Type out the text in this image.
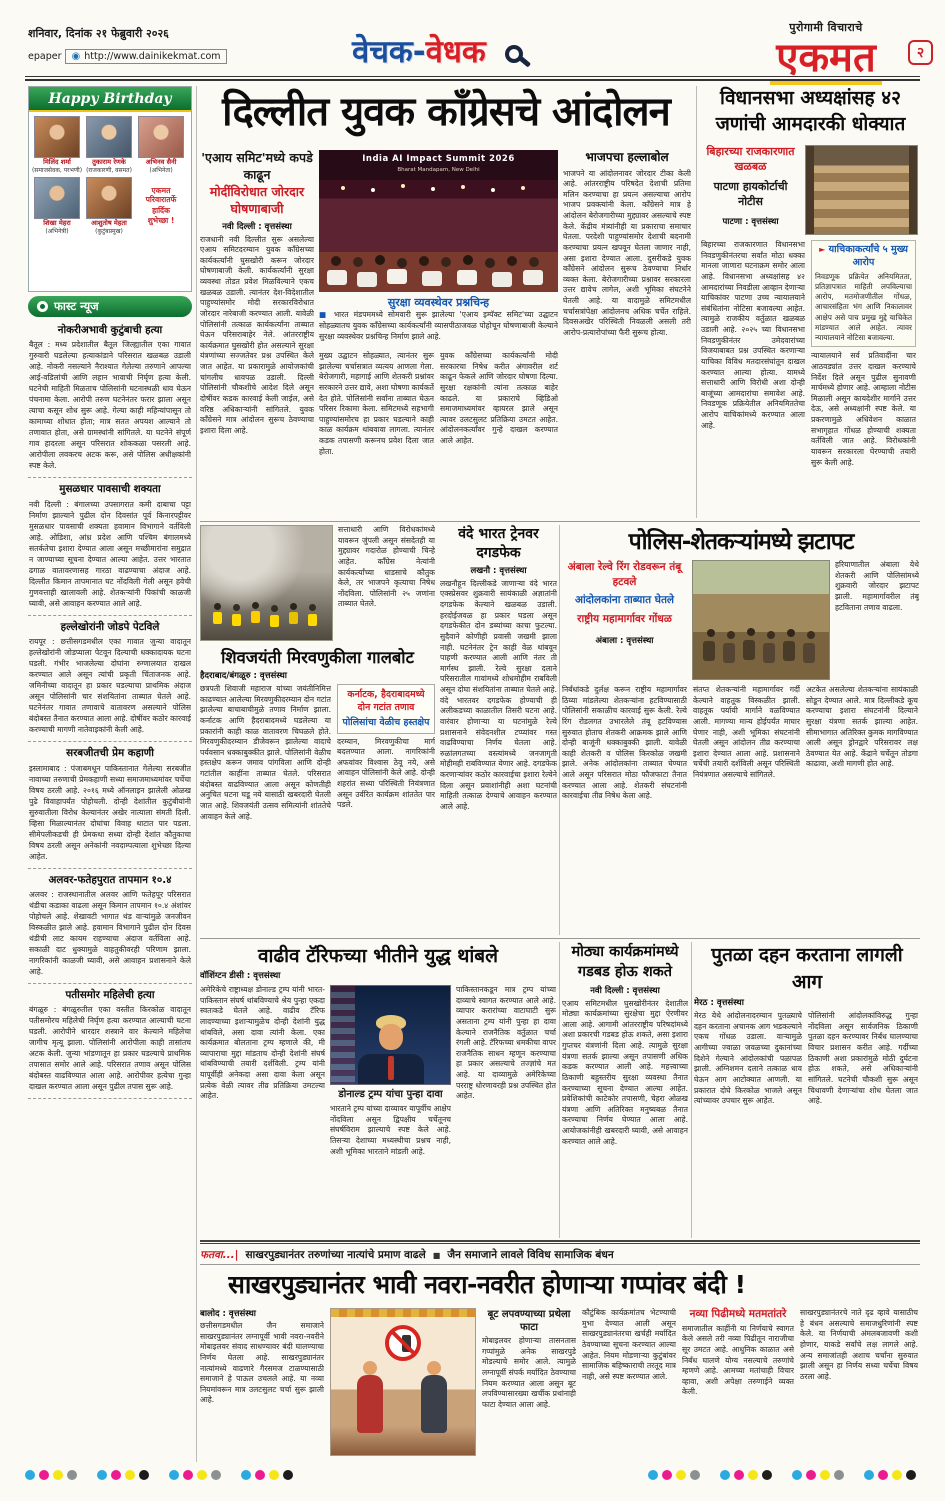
शनिवार, दिनांक २१ फेब्रुवारी २०२६
epaper ◉ http://www.dainikekmat.com	वेचक-वेधक
पुरोगामी विचाराचे
एकमत	२
Happy Birthday
मिलिंद शर्मा
(समाजसेवक, परभणी)
तुकाराम रेणके
(राजकारणी, वसमत)
अभिनव सैनी
(अभिनेता)
शिखा मेहरा
(अभिनेत्री)
आशुतोष मेहता
(कुटुंबप्रमुख)
एकमत परिवारातर्फे
हार्दिक
शुभेच्छा !
फास्ट न्यूज
नोकरीअभावी कुटुंबाची हत्या

बैतूल : मध्य प्रदेशातील बैतूल जिल्ह्यातील एका गावात गुरुवारी घडलेल्या हत्याकांडाने परिसरात खळबळ उडाली आहे. नोकरी नसल्याने नैराश्यात गेलेल्या तरुणाने आपल्या आई-वडिलांची आणि लहान भावाची निर्घृण हत्या केली. घटनेची माहिती मिळताच पोलिसांनी घटनास्थळी धाव घेऊन पंचनामा केला. आरोपी तरुण घटनेनंतर फरार झाला असून त्याचा कसून शोध सुरू आहे. गेल्या काही महिन्यांपासून तो कामाच्या शोधात होता; मात्र सतत अपयश आल्याने तो तणावात होता, असे ग्रामस्थांनी सांगितले. या घटनेने संपूर्ण गाव हादरला असून परिसरात शोककळा पसरली आहे. आरोपीला लवकरच अटक करू, असे पोलिस अधीक्षकांनी स्पष्ट केले.

मुसळधार पावसाची शक्यता

नवी दिल्ली : बंगालच्या उपसागरात कमी दाबाचा पट्टा निर्माण झाल्याने पुढील दोन दिवसांत पूर्व किनारपट्टीवर मुसळधार पावसाची शक्यता हवामान विभागाने वर्तविली आहे. ओडिशा, आंध्र प्रदेश आणि पश्चिम बंगालमध्ये सतर्कतेचा इशारा देण्यात आला असून मच्छीमारांना समुद्रात न जाण्याच्या सूचना देण्यात आल्या आहेत. उत्तर भारतात ढगाळ वातावरणासह गारठा वाढण्याचा अंदाज आहे. दिल्लीत किमान तापमानात घट नोंदविली गेली असून हवेची गुणवत्ताही खालावली आहे. शेतकऱ्यांनी पिकांची काळजी घ्यावी, असे आवाहन करण्यात आले आहे.

हल्लेखोरांनी जोडपे पेटविले

रायपूर : छत्तीसगडमधील एका गावात जुन्या वादातून हल्लेखोरांनी जोडप्याला पेटवून दिल्याची धक्कादायक घटना घडली. गंभीर भाजलेल्या दोघांना रुग्णालयात दाखल करण्यात आले असून त्यांची प्रकृती चिंताजनक आहे. जमिनीच्या वादातून हा प्रकार घडल्याचा प्राथमिक अंदाज असून पोलिसांनी चार संशयितांना ताब्यात घेतले आहे. घटनेनंतर गावात तणावाचे वातावरण असल्याने पोलिस बंदोबस्त तैनात करण्यात आला आहे. दोषींवर कठोर कारवाई करण्याची मागणी नातेवाइकांनी केली आहे.

सरबजीतची प्रेम कहाणी

इस्लामाबाद : पंजाबमधून पाकिस्तानात गेलेल्या सरबजीत नावाच्या तरुणाची प्रेमकहाणी सध्या समाजमाध्यमांवर चर्चेचा विषय ठरली आहे. २०१६ मध्ये ऑनलाइन झालेली ओळख पुढे विवाहापर्यंत पोहोचली. दोन्ही देशांतील कुटुंबीयांनी सुरुवातीला विरोध केल्यानंतर अखेर नात्याला संमती दिली. व्हिसा मिळाल्यानंतर दोघांचा विवाह थाटात पार पडला. सीमेपलीकडची ही प्रेमकथा सध्या दोन्ही देशांत कौतुकाचा विषय ठरली असून अनेकांनी नवदाम्पत्याला शुभेच्छा दिल्या आहेत.

अलवर-फतेहपुरात तापमान १०.४

अलवर : राजस्थानातील अलवर आणि फतेहपूर परिसरात थंडीचा कडाका वाढला असून किमान तापमान १०.४ अंशांवर पोहोचले आहे. शेखावटी भागात थंड वाऱ्यांमुळे जनजीवन विस्कळीत झाले आहे. हवामान विभागाने पुढील दोन दिवस थंडीची लाट कायम राहण्याचा अंदाज वर्तविला आहे. सकाळी दाट धुक्यामुळे वाहतुकीवरही परिणाम झाला. नागरिकांनी काळजी घ्यावी, असे आवाहन प्रशासनाने केले आहे.

पतीसमोर महिलेची हत्या

बंगळूरु : बंगळूरुतील एका वस्तीत किरकोळ वादातून पतीसमोरच महिलेची निर्घृण हत्या करण्यात आल्याची घटना घडली. आरोपीने धारदार शस्त्राने वार केल्याने महिलेचा जागीच मृत्यू झाला. पोलिसांनी आरोपीला काही तासांतच अटक केली. जुन्या भांडणातून हा प्रकार घडल्याचे प्राथमिक तपासात समोर आले आहे. परिसरात तणाव असून पोलिस बंदोबस्त वाढविण्यात आला आहे. आरोपीवर हत्येचा गुन्हा दाखल करण्यात आला असून पुढील तपास सुरू आहे.

दिल्लीत युवक काँग्रेसचे आंदोलन
'एआय समिट'मध्ये कपडे काढून
मोदींविरोधात जोरदार घोषणाबाजी
नवी दिल्ली : वृत्तसंस्था

राजधानी नवी दिल्लीत सुरू असलेल्या एआय समिटदरम्यान युवक काँग्रेसच्या कार्यकर्त्यांनी घुसखोरी करून जोरदार घोषणाबाजी केली. कार्यकर्त्यांनी सुरक्षा व्यवस्था तोडत प्रवेश मिळविल्याने एकच खळबळ उडाली. त्यानंतर देश-विदेशातील पाहुण्यांसमोर मोदी सरकारविरोधात जोरदार नारेबाजी करण्यात आली. यावेळी पोलिसांनी तत्काळ कार्यकर्त्यांना ताब्यात घेऊन परिसराबाहेर नेले. आंतरराष्ट्रीय कार्यक्रमात घुसखोरी होत असल्याने सुरक्षा यंत्रणांच्या सज्जतेवर प्रश्न उपस्थित केले जात आहेत. या प्रकारामुळे आयोजकांची चांगलीच धावपळ उडाली. दिल्ली पोलिसांनी चौकशीचे आदेश दिले असून दोषींवर कडक कारवाई केली जाईल, असे वरिष्ठ अधिकाऱ्यांनी सांगितले. युवक काँग्रेसने मात्र आंदोलन सुरूच ठेवण्याचा इशारा दिला आहे.

India AI Impact Summit 2026
Bharat Mandapam, New Delhi
सुरक्षा व्यवस्थेवर प्रश्नचिन्ह

■ भारत मंडपममध्ये सोमवारी सुरू झालेल्या 'एआय इम्पॅक्ट समिट'च्या उद्घाटन सोहळ्यातच युवक काँग्रेसच्या कार्यकर्त्यांनी व्यासपीठाजवळ पोहोचून घोषणाबाजी केल्याने सुरक्षा व्यवस्थेवर प्रश्नचिन्ह निर्माण झाले आहे.

मुख्य उद्घाटन सोहळ्यात, त्यानंतर सुरू झालेल्या चर्चासत्रात व्यत्यय आणला गेला. बेरोजगारी, महागाई आणि शेतकरी प्रश्नांवर सरकारने उत्तर द्यावे, अशा घोषणा कार्यकर्ते देत होते. पोलिसांनी सर्वांना ताब्यात घेऊन परिसर रिकामा केला. समिटमध्ये सहभागी पाहुण्यांसमोरच हा प्रकार घडल्याने काही काळ कार्यक्रम थांबवावा लागला. त्यानंतर कडक तपासणी करूनच प्रवेश दिला जात होता.

युवक काँग्रेसच्या कार्यकर्त्यांनी मोदी सरकारचा निषेध करीत अंगावरील शर्ट काढून फेकले आणि जोरदार घोषणा दिल्या. सुरक्षा रक्षकांनी त्यांना तत्काळ बाहेर काढले. या प्रकाराचे व्हिडिओ समाजमाध्यमांवर व्हायरल झाले असून त्यावर उलटसुलट प्रतिक्रिया उमटत आहेत. आंदोलनकर्त्यांवर गुन्हे दाखल करण्यात आले आहेत.

भाजपचा हल्लाबोल

भाजपने या आंदोलनावर जोरदार टीका केली आहे. आंतरराष्ट्रीय परिषदेत देशाची प्रतिमा मलिन करण्याचा हा प्रयत्न असल्याचा आरोप भाजप प्रवक्त्यांनी केला. काँग्रेसने मात्र हे आंदोलन बेरोजगारीच्या मुद्द्यावर असल्याचे स्पष्ट केले. केंद्रीय मंत्र्यांनीही या प्रकाराचा समाचार घेतला. परदेशी पाहुण्यांसमोर देशाची बदनामी करण्याचा प्रयत्न खपवून घेतला जाणार नाही, असा इशारा देण्यात आला. दुसरीकडे युवक काँग्रेसने आंदोलन सुरूच ठेवण्याचा निर्धार व्यक्त केला. बेरोजगारीच्या प्रश्नावर सरकारला उत्तर द्यावेच लागेल, अशी भूमिका संघटनेने घेतली आहे. या वादामुळे समिटमधील चर्चासत्रांपेक्षा आंदोलनच अधिक चर्चेत राहिले. दिवसअखेर परिस्थिती निवळली असली तरी आरोप-प्रत्यारोपांच्या फैरी सुरूच होत्या.

सत्ताधारी आणि विरोधकांमध्ये यावरून जुंपली असून संसदेतही या मुद्द्यावर गदारोळ होण्याची चिन्हे आहेत. काँग्रेस नेत्यांनी कार्यकर्त्यांच्या धाडसाचे कौतुक केले, तर भाजपने कृत्याचा निषेध नोंदविला. पोलिसांनी २५ जणांना ताब्यात घेतले.

विधानसभा अध्यक्षांसह ४२ जणांची आमदारकी धोक्यात
बिहारच्या राजकारणात खळबळ
पाटणा हायकोर्टाची नोटीस
पाटणा : वृत्तसंस्था

बिहारच्या राजकारणात विधानसभा निवडणुकीनंतरचा सर्वांत मोठा धक्का मानला जाणारा घटनाक्रम समोर आला आहे. विधानसभा अध्यक्षांसह ४२ आमदारांच्या निवडीला आव्हान देणाऱ्या याचिकांवर पाटणा उच्च न्यायालयाने संबंधितांना नोटिसा बजावल्या आहेत. त्यामुळे राजकीय वर्तुळात खळबळ उडाली आहे. २०२५ च्या विधानसभा निवडणुकीनंतर उमेदवारांच्या विजयाबाबत प्रश्न उपस्थित करणाऱ्या याचिका विविध मतदारसंघांतून दाखल करण्यात आल्या होत्या. यामध्ये सत्ताधारी आणि विरोधी अशा दोन्ही बाजूंच्या आमदारांचा समावेश आहे. निवडणूक प्रक्रियेतील अनियमिततेचा आरोप याचिकांमध्ये करण्यात आला आहे.

► याचिकाकर्त्यांचे ५ मुख्य आरोप

निवडणूक प्रक्रियेत अनियमितता, प्रतिज्ञापत्रात माहिती लपविल्याचा आरोप, मतमोजणीतील गोंधळ, आचारसंहिता भंग आणि निकालावर आक्षेप असे पाच प्रमुख मुद्दे याचिकेत मांडण्यात आले आहेत. त्यावर न्यायालयाने नोटिसा बजावल्या.

न्यायालयाने सर्व प्रतिवादींना चार आठवड्यांत उत्तर दाखल करण्याचे निर्देश दिले असून पुढील सुनावणी मार्चमध्ये होणार आहे. आम्हाला नोटीस मिळाली असून कायदेशीर मार्गाने उत्तर देऊ, असे अध्यक्षांनी स्पष्ट केले. या प्रकरणामुळे अधिवेशन काळात सभागृहात गोंधळ होण्याची शक्यता वर्तविली जात आहे. विरोधकांनी यावरून सरकारला घेरण्याची तयारी सुरू केली आहे.

वंदे भारत ट्रेनवर दगडफेक
लखनौ : वृत्तसंस्था

लखनौहून दिल्लीकडे जाणाऱ्या वंदे भारत एक्स्प्रेसवर शुक्रवारी सायंकाळी अज्ञातांनी दगडफेक केल्याने खळबळ उडाली. हरदोईजवळ हा प्रकार घडला असून दगडफेकीत दोन डब्यांच्या काचा फुटल्या. सुदैवाने कोणीही प्रवासी जखमी झाला नाही. घटनेनंतर ट्रेन काही वेळ थांबवून पाहणी करण्यात आली आणि नंतर ती मार्गस्थ झाली. रेल्वे सुरक्षा दलाने परिसरातील गावांमध्ये शोधमोहीम राबविली असून दोघा संशयितांना ताब्यात घेतले आहे. वंदे भारतवर दगडफेक होण्याची ही अलीकडच्या काळातील तिसरी घटना आहे. वारंवार होणाऱ्या या घटनांमुळे रेल्वे प्रशासनाने संवेदनशील टप्प्यांवर गस्त वाढविण्याचा निर्णय घेतला आहे. रुळांलगतच्या वस्त्यांमध्ये जनजागृती मोहीमही राबविण्यात येणार आहे. दगडफेक करणाऱ्यांवर कठोर कारवाईचा इशारा रेल्वेने दिला असून प्रवाशांनीही अशा घटनांची माहिती तत्काळ देण्याचे आवाहन करण्यात आले आहे.

शिवजयंती मिरवणुकीला गालबोट
हैदराबाद/बंगळूरु : वृत्तसंस्था

छत्रपती शिवाजी महाराज यांच्या जयंतीनिमित्त काढण्यात आलेल्या मिरवणुकीदरम्यान दोन गटांत झालेल्या बाचाबाचीमुळे तणाव निर्माण झाला. कर्नाटक आणि हैदराबादमध्ये घडलेल्या या प्रकारांनी काही काळ वातावरण चिघळले होते. मिरवणुकीदरम्यान डीजेवरून झालेल्या वादाचे पर्यवसान धक्काबुक्कीत झाले. पोलिसांनी वेळीच हस्तक्षेप करून जमाव पांगविला आणि दोन्ही गटांतील काहींना ताब्यात घेतले. परिसरात बंदोबस्त वाढविण्यात आला असून कोणतीही अनुचित घटना घडू नये यासाठी खबरदारी घेतली जात आहे. शिवजयंती उत्सव समित्यांनी शांततेचे आवाहन केले आहे.

कर्नाटक, हैदराबादमध्ये दोन गटांत तणाव
पोलिसांचा वेळीच हस्तक्षेप

दरम्यान, मिरवणुकीचा मार्ग बदलण्यात आला. नागरिकांनी अफवांवर विश्वास ठेवू नये, असे आवाहन पोलिसांनी केले आहे. दोन्ही शहरांत सध्या परिस्थिती नियंत्रणात असून उर्वरित कार्यक्रम शांततेत पार पडले.

पोलिस-शेतकऱ्यांमध्ये झटापट
अंबाला रेल्वे रिंग रोडवरून तंबू हटवले
आंदोलकांना ताब्यात घेतले
राष्ट्रीय महामार्गावर गोंधळ
अंबाला : वृत्तसंस्था

हरियाणातील अंबाला येथे शेतकरी आणि पोलिसांमध्ये शुक्रवारी जोरदार झटापट झाली. महामार्गावरील तंबू हटविताना तणाव वाढला.

निर्बंधांकडे दुर्लक्ष करून राष्ट्रीय महामार्गावर ठिय्या मांडलेल्या शेतकऱ्यांना हटविण्यासाठी पोलिसांनी सकाळीच कारवाई सुरू केली. रेल्वे रिंग रोडलगत उभारलेले तंबू हटविण्यास सुरुवात होताच शेतकरी आक्रमक झाले आणि दोन्ही बाजूंनी धक्काबुक्की झाली. यावेळी काही शेतकरी व पोलिस किरकोळ जखमी झाले. अनेक आंदोलकांना ताब्यात घेण्यात आले असून परिसरात मोठा फौजफाटा तैनात करण्यात आला आहे. शेतकरी संघटनांनी कारवाईचा तीव्र निषेध केला आहे.

संतप्त शेतकऱ्यांनी महामार्गावर गर्दी केल्याने वाहतूक विस्कळीत झाली. वाहतूक पर्यायी मार्गाने वळविण्यात आली. मागण्या मान्य होईपर्यंत माघार घेणार नाही, अशी भूमिका संघटनांनी घेतली असून आंदोलन तीव्र करण्याचा इशारा देण्यात आला आहे. प्रशासनाने चर्चेची तयारी दर्शविली असून परिस्थिती नियंत्रणात असल्याचे सांगितले.

अटकेत असलेल्या शेतकऱ्यांना सायंकाळी सोडून देण्यात आले. मात्र दिल्लीकडे कूच करण्याचा इशारा संघटनांनी दिल्याने सुरक्षा यंत्रणा सतर्क झाल्या आहेत. सीमाभागात अतिरिक्त कुमक मागविण्यात आली असून ड्रोनद्वारे परिसरावर लक्ष ठेवण्यात येत आहे. केंद्राने चर्चेतून तोडगा काढावा, अशी मागणी होत आहे.

वाढीव टॅरिफच्या भीतीने युद्ध थांबले
वॉशिंग्टन डीसी : वृत्तसंस्था

अमेरिकेचे राष्ट्राध्यक्ष डोनाल्ड ट्रम्प यांनी भारत-पाकिस्तान संघर्ष थांबविण्याचे श्रेय पुन्हा एकदा स्वतःकडे घेतले आहे. वाढीव टॅरिफ लादण्याच्या इशाऱ्यामुळेच दोन्ही देशांनी युद्ध थांबविले, असा दावा त्यांनी केला. एका कार्यक्रमात बोलताना ट्रम्प म्हणाले की, मी व्यापाराचा मुद्दा मांडताच दोन्ही देशांनी संघर्ष थांबविण्याची तयारी दर्शविली. ट्रम्प यांनी यापूर्वीही अनेकदा असा दावा केला असून प्रत्येक वेळी त्यावर तीव्र प्रतिक्रिया उमटल्या आहेत.	डोनाल्ड ट्रम्प यांचा पुन्हा दावा

भारताने ट्रम्प यांच्या दाव्यावर यापूर्वीच आक्षेप नोंदविला असून द्विपक्षीय चर्चेतूनच संघर्षविराम झाल्याचे स्पष्ट केले आहे. तिसऱ्या देशाच्या मध्यस्थीचा प्रश्नच नाही, अशी भूमिका भारताने मांडली आहे.

पाकिस्तानकडून मात्र ट्रम्प यांच्या दाव्याचे स्वागत करण्यात आले आहे. व्यापार करारांच्या वाटाघाटी सुरू असताना ट्रम्प यांनी पुन्हा हा दावा केल्याने राजनैतिक वर्तुळात चर्चा रंगली आहे. टॅरिफच्या धमकीचा वापर राजनैतिक साधन म्हणून करण्याचा हा प्रकार असल्याचे तज्ज्ञांचे मत आहे. या दाव्यामुळे अमेरिकेच्या परराष्ट्र धोरणावरही प्रश्न उपस्थित होत आहेत.

मोठ्या कार्यक्रमांमध्ये गडबड होऊ शकते
नवी दिल्ली : वृत्तसंस्था

एआय समिटमधील घुसखोरीनंतर देशातील मोठ्या कार्यक्रमांच्या सुरक्षेचा मुद्दा ऐरणीवर आला आहे. आगामी आंतरराष्ट्रीय परिषदांमध्ये अशा प्रकारची गडबड होऊ शकते, असा इशारा गुप्तचर यंत्रणांनी दिला आहे. त्यामुळे सुरक्षा यंत्रणा सतर्क झाल्या असून तपासणी अधिक कडक करण्यात आली आहे. महत्त्वाच्या ठिकाणी बहुस्तरीय सुरक्षा व्यवस्था तैनात करण्याच्या सूचना देण्यात आल्या आहेत. प्रवेशिकांची काटेकोर तपासणी, चेहरा ओळख यंत्रणा आणि अतिरिक्त मनुष्यबळ तैनात करण्याचा निर्णय घेण्यात आला आहे. आयोजकांनीही खबरदारी घ्यावी, असे आवाहन करण्यात आले आहे.

पुतळा दहन करताना लागली आग
मेरठ : वृत्तसंस्था

मेरठ येथे आंदोलनादरम्यान पुतळ्याचे दहन करताना अचानक आग भडकल्याने एकच गोंधळ उडाला. वाऱ्यामुळे आगीच्या ज्वाळा जवळच्या दुकानांच्या दिशेने गेल्याने आंदोलकांची पळापळ झाली. अग्निशमन दलाने तत्काळ धाव घेऊन आग आटोक्यात आणली. या प्रकारात दोघे किरकोळ भाजले असून त्यांच्यावर उपचार सुरू आहेत.

पोलिसांनी आंदोलकांविरुद्ध गुन्हा नोंदविला असून सार्वजनिक ठिकाणी पुतळा दहन करण्यावर निर्बंध घालण्याचा विचार प्रशासन करीत आहे. गर्दीच्या ठिकाणी अशा प्रकारांमुळे मोठी दुर्घटना होऊ शकते, असे अधिकाऱ्यांनी सांगितले. घटनेची चौकशी सुरू असून चिथावणी देणाऱ्यांचा शोध घेतला जात आहे.

फतवा...| साखरपुड्यानंतर तरुणांच्या नात्यांचे प्रमाण वाढले ■ जैन समाजाने लावले विविध सामाजिक बंधन
साखरपुड्यानंतर भावी नवरा-नवरीत होणाऱ्या गप्पांवर बंदी !
बालोद : वृत्तसंस्था

छत्तीसगडमधील जैन समाजाने साखरपुड्यानंतर लग्नापूर्वी भावी नवरा-नवरीने मोबाइलवर संवाद साधण्यावर बंदी घालण्याचा निर्णय घेतला आहे. साखरपुड्यानंतर नात्यांमध्ये वाढणारे गैरसमज टाळण्यासाठी समाजाने हे पाऊल उचलले आहे. या नव्या नियमांवरून मात्र उलटसुलट चर्चा सुरू झाली आहे.

बूट लपवण्याच्या प्रथेला फाटा

मोबाइलवर होणाऱ्या तासनतास गप्पांमुळे अनेक साखरपुडे मोडल्याचे समोर आले. त्यामुळे लग्नापूर्वी संपर्क मर्यादित ठेवण्याचा नियम करण्यात आला असून बूट लपविण्यासारख्या खर्चीक प्रथांनाही फाटा देण्यात आला आहे.

कौटुंबिक कार्यक्रमांतच भेटण्याची मुभा देण्यात आली असून साखरपुड्यानंतरचा खर्चही मर्यादित ठेवण्याच्या सूचना करण्यात आल्या आहेत. नियम मोडणाऱ्या कुटुंबांवर सामाजिक बहिष्काराची तरतूद मात्र नाही, असे स्पष्ट करण्यात आले.

नव्या पिढीमध्ये मतमतांतरे

समाजातील काहींनी या निर्णयाचे स्वागत केले असले तरी नव्या पिढीतून नाराजीचा सूर उमटत आहे. आधुनिक काळात असे निर्बंध घालणे योग्य नसल्याचे तरुणांचे म्हणणे आहे. आमच्या मतांचाही विचार व्हावा, अशी अपेक्षा तरुणाईने व्यक्त केली.

साखरपुड्यानंतरचे नाते दृढ व्हावे यासाठीच हे बंधन असल्याचे समाजधुरिणांनी स्पष्ट केले. या निर्णयाची अंमलबजावणी कशी होणार, याकडे सर्वांचे लक्ष लागले आहे. अन्य समाजांतही अशाच चर्चांना सुरुवात झाली असून हा निर्णय सध्या चर्चेचा विषय ठरला आहे.
